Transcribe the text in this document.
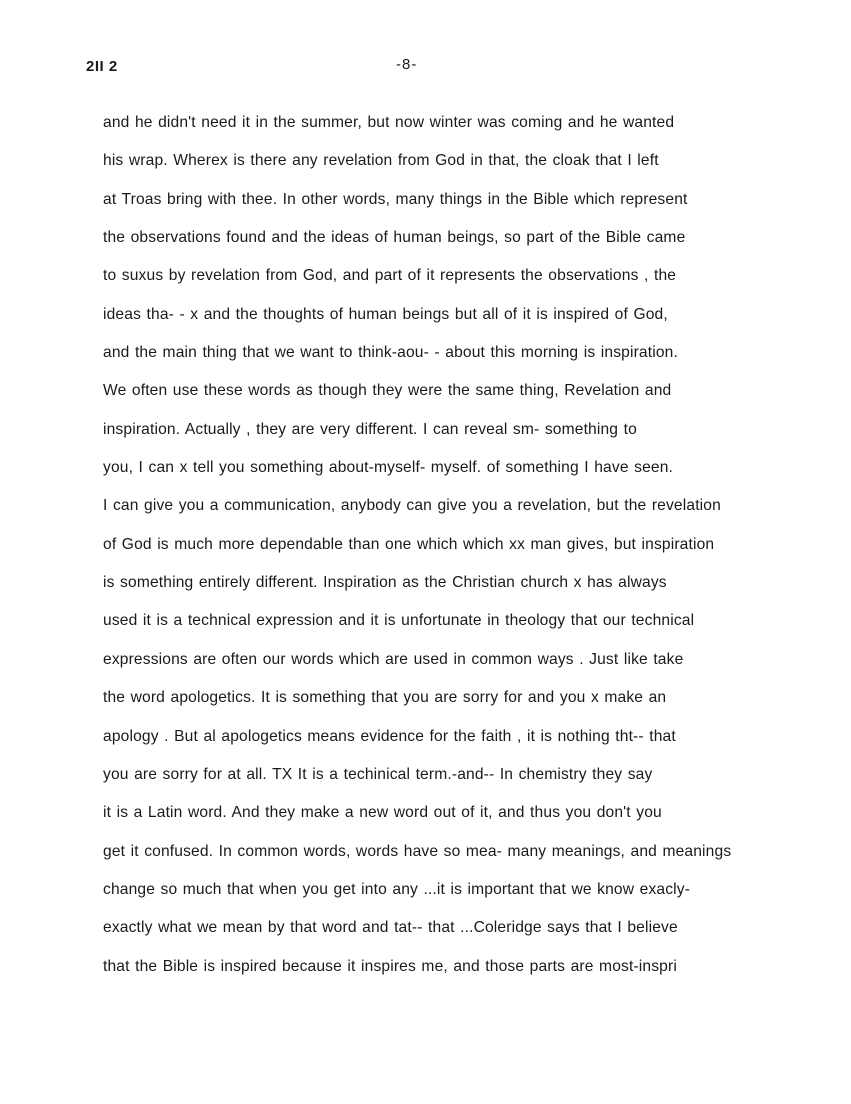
2II 2	-8-
and he didn't need it in the summer, but now winter was coming and he wanted
his wrap. Wherex is there any revelation from God in that, the cloak that I left
at Troas bring with thee. In other words, many things in the Bible which represent
the observations found and the ideas of human beings, so part of the Bible came
to suxus by revelation from God, and part of it represents the observations , the
ideas tha- - x and the thoughts of human beings but all of it is inspired of God,
and the main thing that we want to think-aou- - about this morning is inspiration.
We often use these words as though they were the same thing, Revelation and
inspiration. Actually , they are very different. I can reveal sm- something to
you, I can x tell you something about-myself- myself. of something I have seen.
I can give you a communication, anybody can give you a revelation, but the revelation
of God is much more dependable than one which which xx man gives, but inspiration
is something entirely different. Inspiration as the Christian church x has always
used it is a technical expression and it is unfortunate in theology that our technical
expressions are often our words which are used in common ways . Just like take
the word apologetics. It is something that you are sorry for and you x make an
apology . But al apologetics means evidence for the faith , it is nothing tht-- that
you are sorry for at all. TX It is a techinical term.-and-- In chemistry they say
it is a Latin word. And they make a new word out of it, and thus you don't you
get it confused. In common words, words have so mea- many meanings, and meanings
change so much that when you get into any ...it is important that we know exacly-
exactly what we mean by that word and tat-- that ...Coleridge says that I believe
that the Bible is inspired because it inspires me, and those parts are most-inspri
